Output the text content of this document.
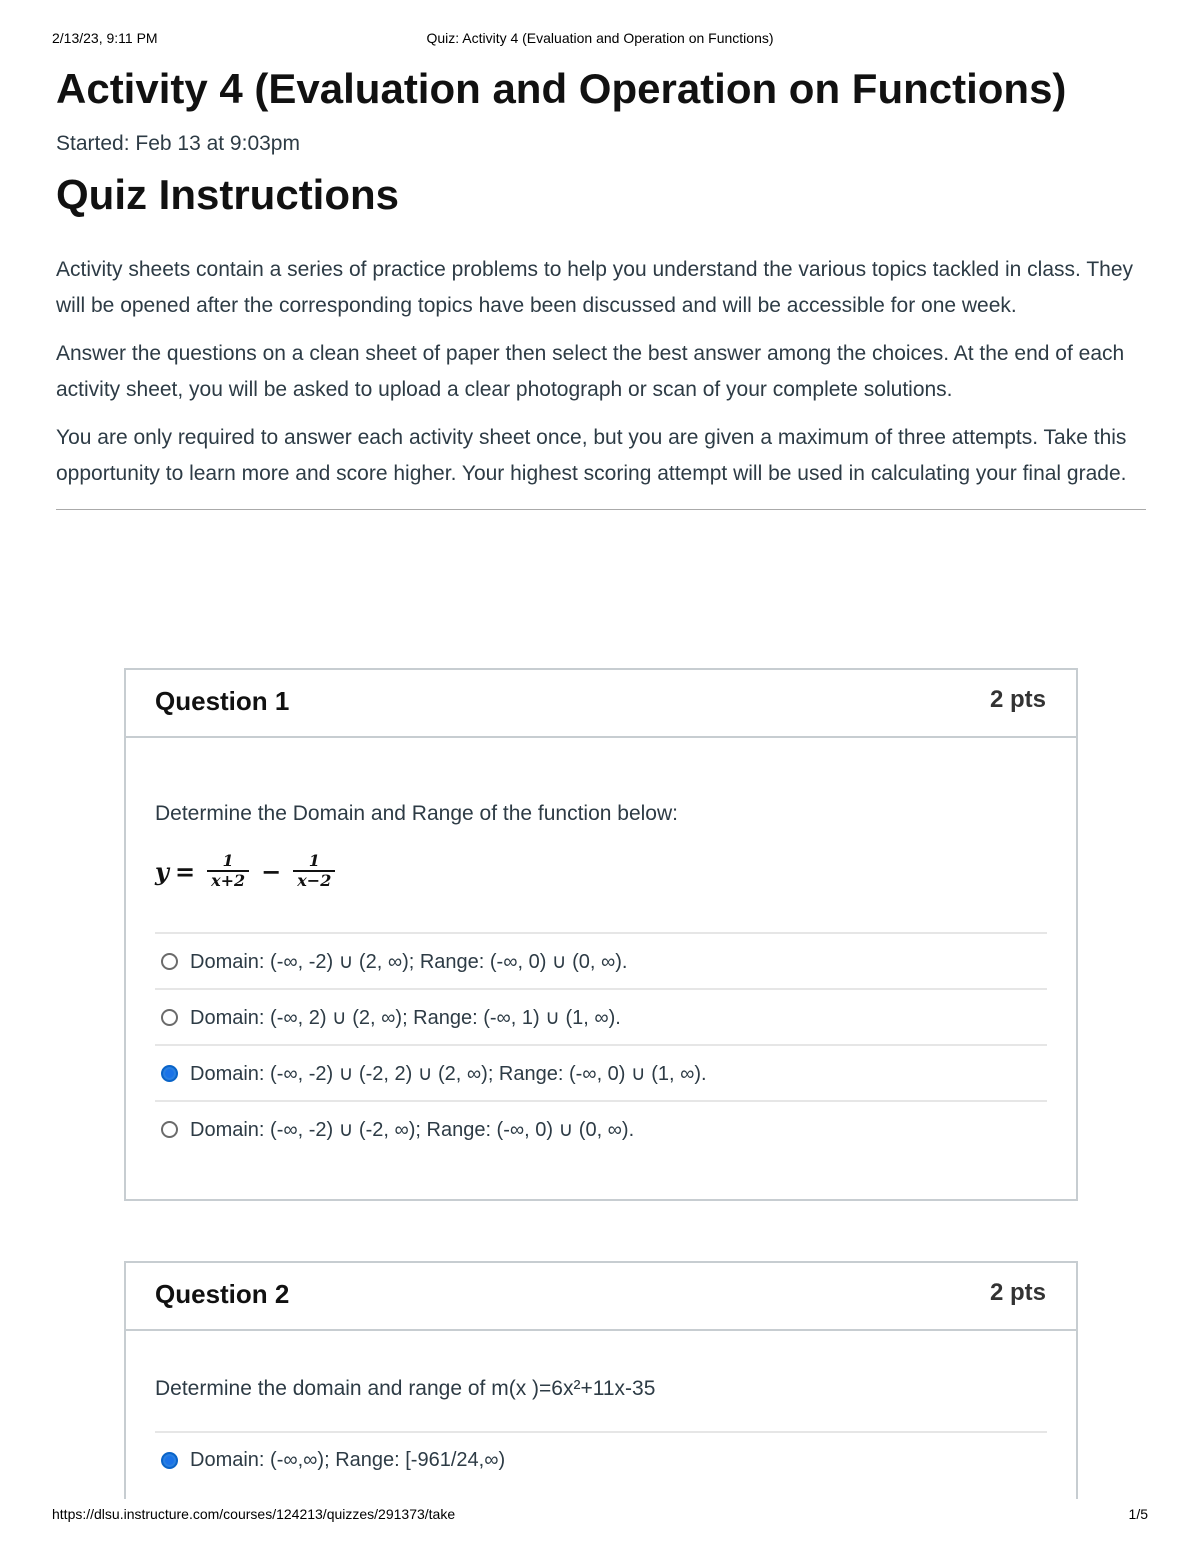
2/13/23, 9:11 PM	Quiz: Activity 4 (Evaluation and Operation on Functions)
Activity 4 (Evaluation and Operation on Functions)
Started: Feb 13 at 9:03pm
Quiz Instructions

Activity sheets contain a series of practice problems to help you understand the various topics tackled in class. They will be opened after the corresponding topics have been discussed and will be accessible for one week.

Answer the questions on a clean sheet of paper then select the best answer among the choices. At the end of each activity sheet, you will be asked to upload a clear photograph or scan of your complete solutions.

You are only required to answer each activity sheet once, but you are given a maximum of three attempts. Take this opportunity to learn more and score higher. Your highest scoring attempt will be used in calculating your final grade.

Question 1	2 pts
Determine the Domain and Range of the function below:
$y = \frac{1}{x+2} - \frac{1}{x-2}$
Domain: (-∞, -2) ∪ (2, ∞); Range: (-∞, 0) ∪ (0, ∞).
Domain: (-∞, 2) ∪ (2, ∞); Range: (-∞, 1) ∪ (1, ∞).
Domain: (-∞, -2) ∪ (-2, 2) ∪ (2, ∞); Range: (-∞, 0) ∪ (1, ∞).
Domain: (-∞, -2) ∪ (-2, ∞); Range: (-∞, 0) ∪ (0, ∞).
Question 2	2 pts
Determine the domain and range of m(x )=6x²+11x-35
Domain: (-∞,∞); Range: [-961/24,∞)
https://dlsu.instructure.com/courses/124213/quizzes/291373/take	1/5
